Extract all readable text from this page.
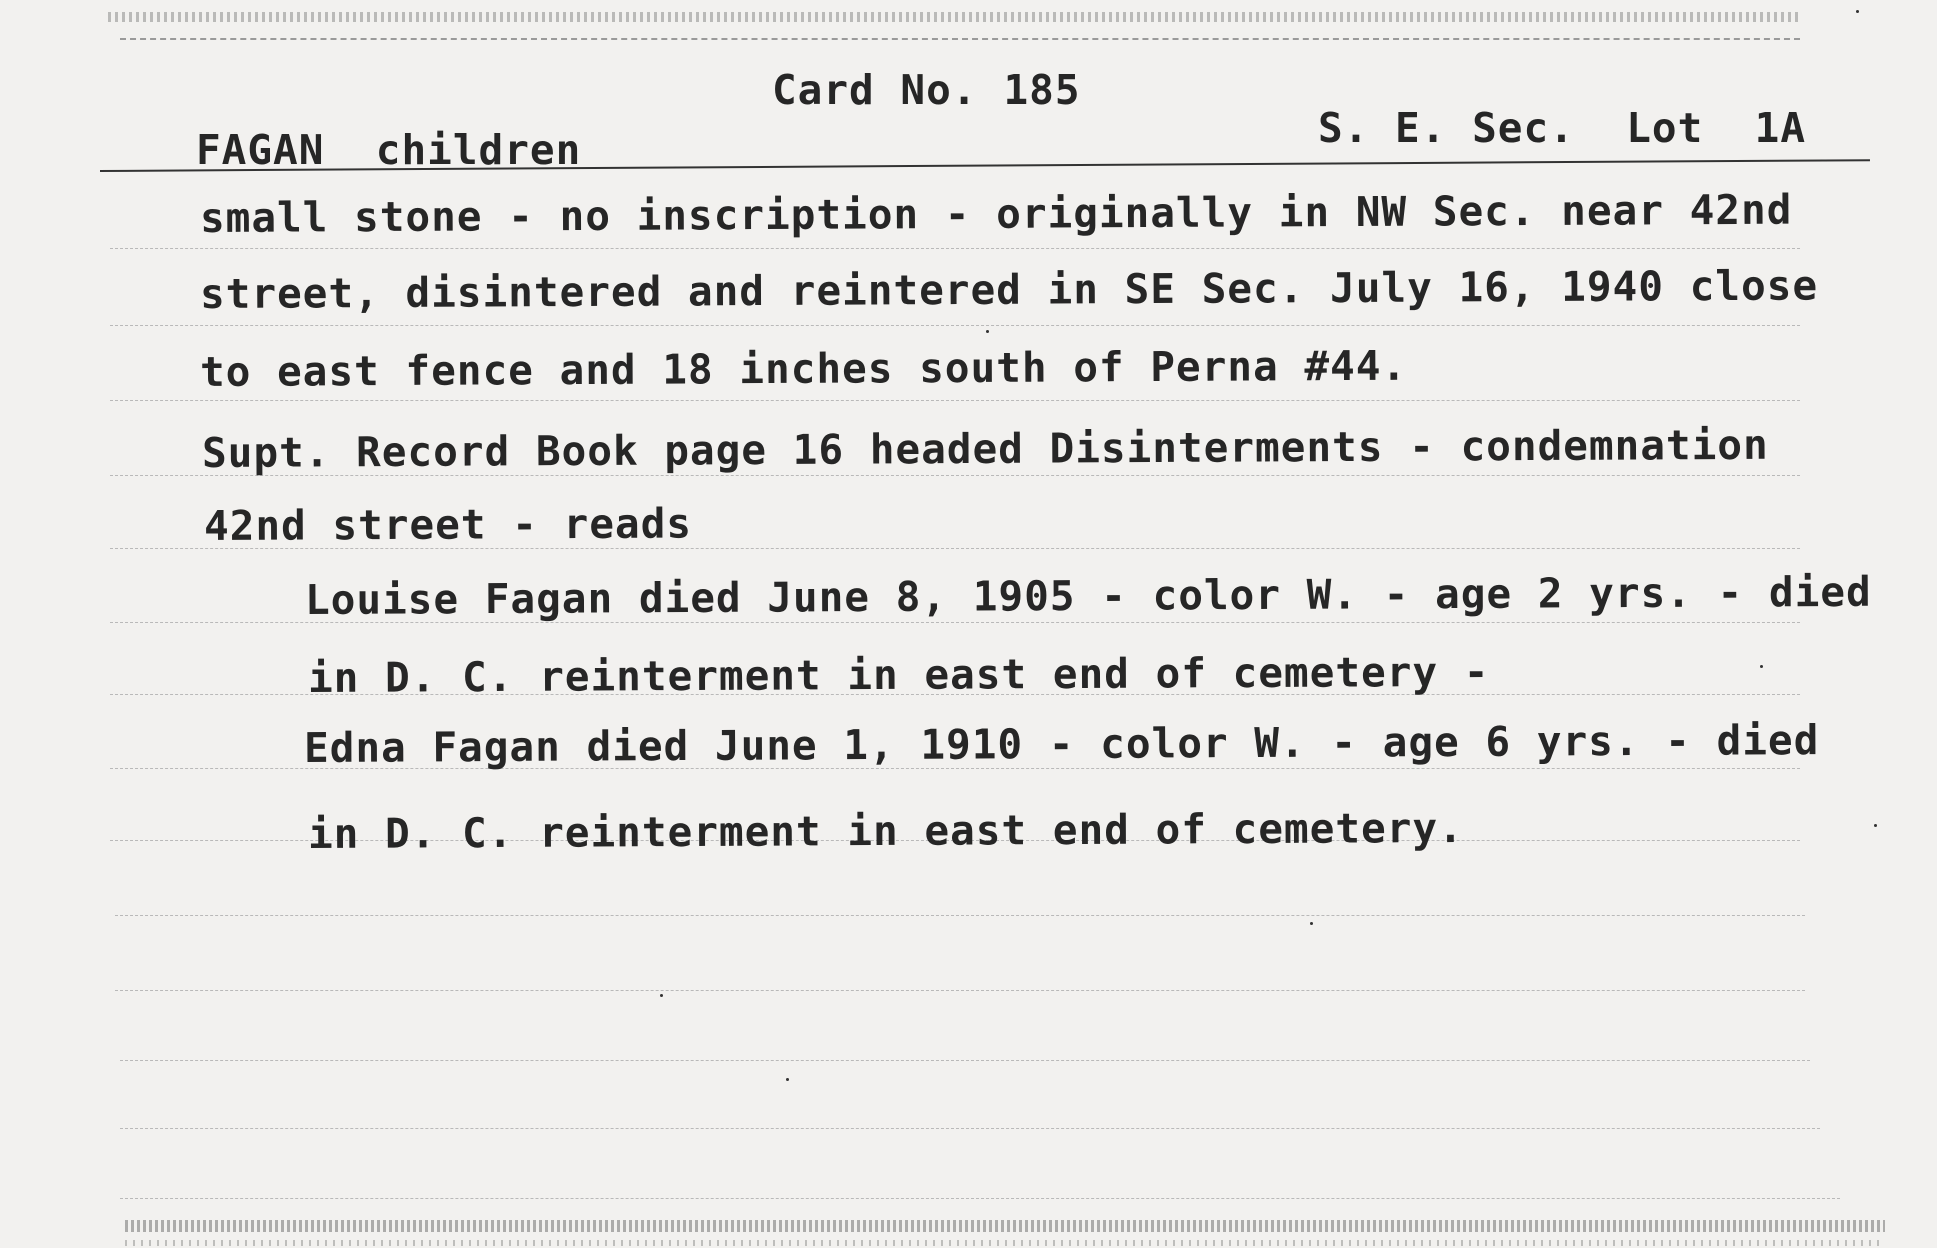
Card No. 185
FAGAN  children	S. E. Sec.  Lot  1A
small stone - no inscription - originally in NW Sec. near 42nd
street, disintered and reintered in SE Sec. July 16, 1940 close
to east fence and 18 inches south of Perna #44.
Supt. Record Book page 16 headed Disinterments - condemnation
42nd street - reads
Louise Fagan died June 8, 1905 - color W. - age 2 yrs. - died
in D. C. reinterment in east end of cemetery -
Edna Fagan died June 1, 1910 - color W. - age 6 yrs. - died
in D. C. reinterment in east end of cemetery.
